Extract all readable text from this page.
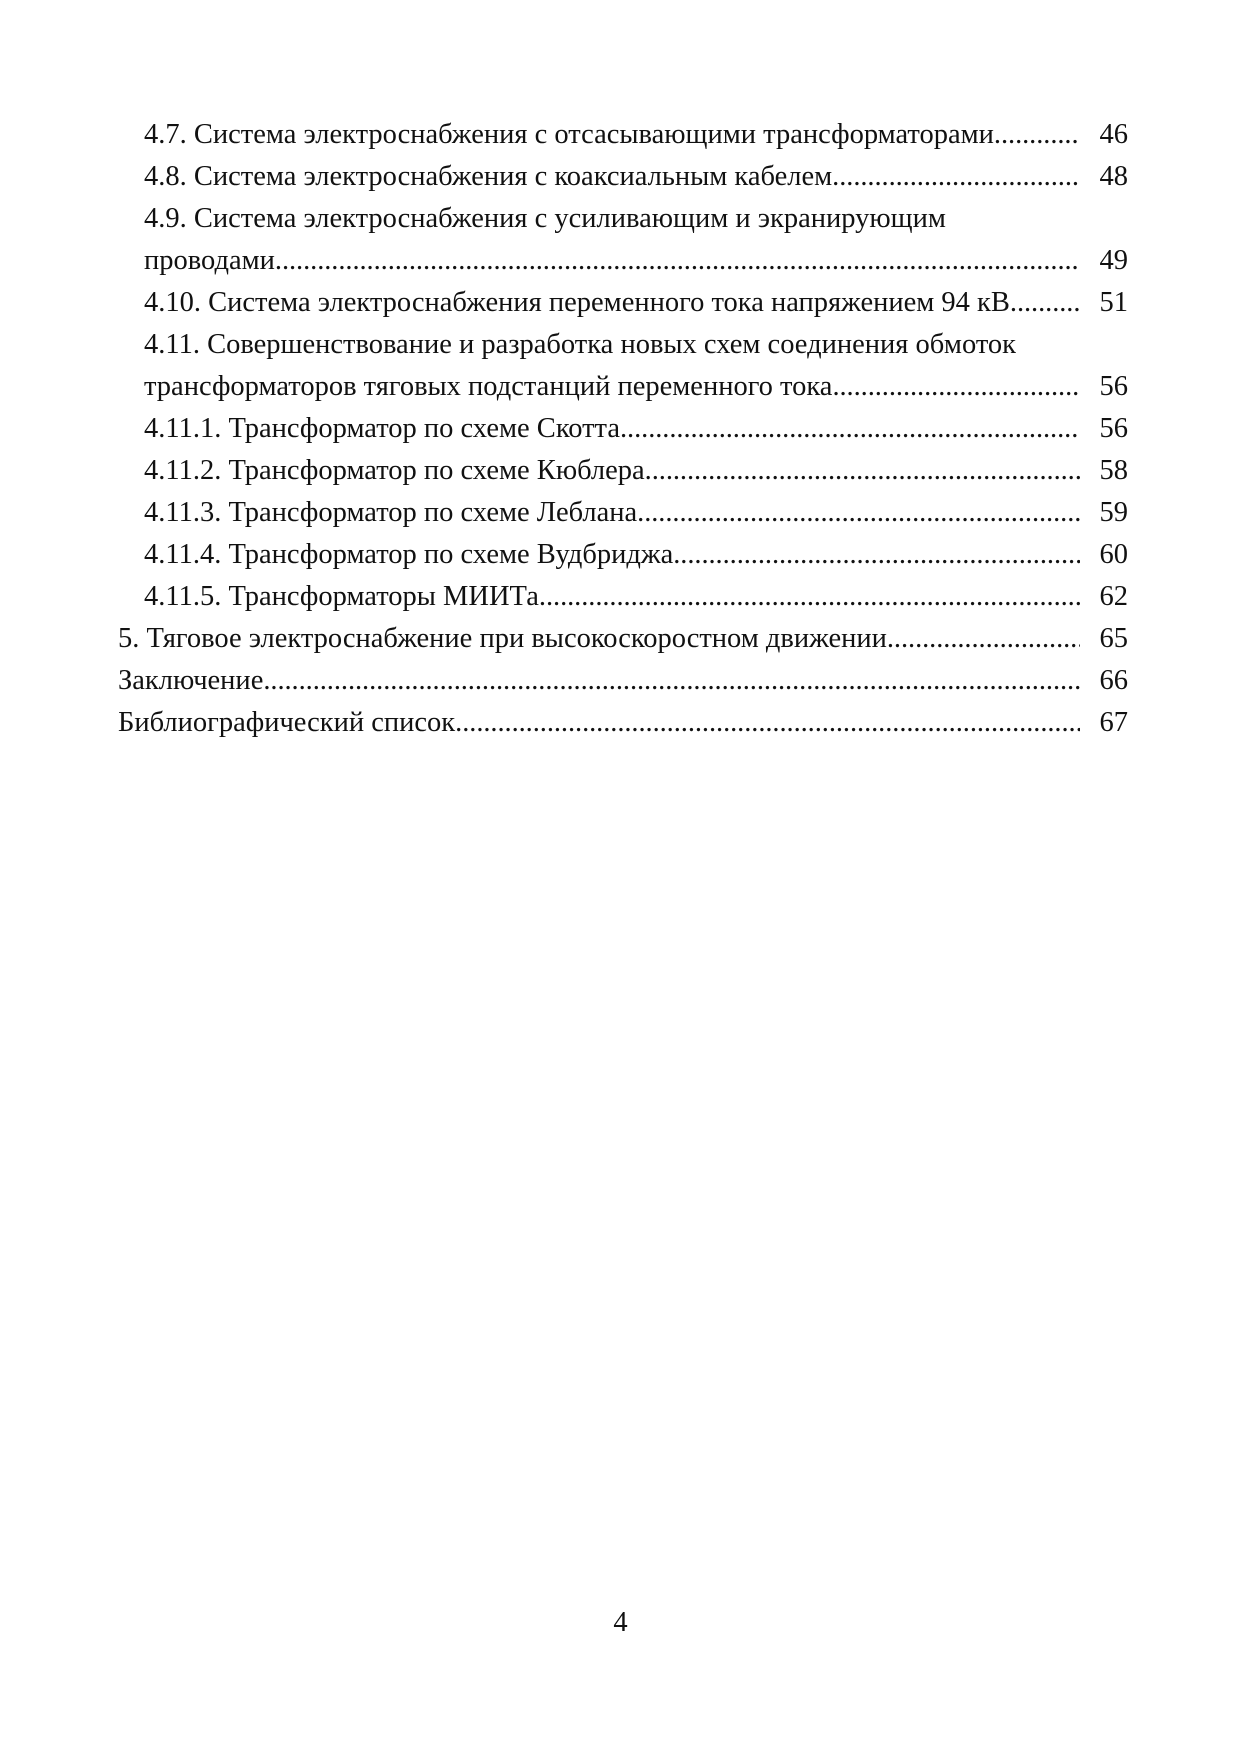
4.7. Система электроснабжения с отсасывающими трансформаторами . . .	46
4.8. Система электроснабжения с коаксиальным кабелем . . .	48
4.9. Система электроснабжения с усиливающим и экранирующим
проводами . . .	49
4.10. Система электроснабжения переменного тока напряжением 94 кВ . . .	51
4.11. Совершенствование и разработка новых схем соединения обмоток
трансформаторов тяговых подстанций переменного тока . . .	56
4.11.1. Трансформатор по схеме Скотта . . .	56
4.11.2. Трансформатор по схеме Кюблера . . .	58
4.11.3. Трансформатор по схеме Леблана . . .	59
4.11.4. Трансформатор по схеме Вудбриджа . . .	60
4.11.5. Трансформаторы МИИТа . . .	62
5. Тяговое электроснабжение при высокоскоростном движении . . .	65
Заключение . . .	66
Библиографический список . . .	67
4
